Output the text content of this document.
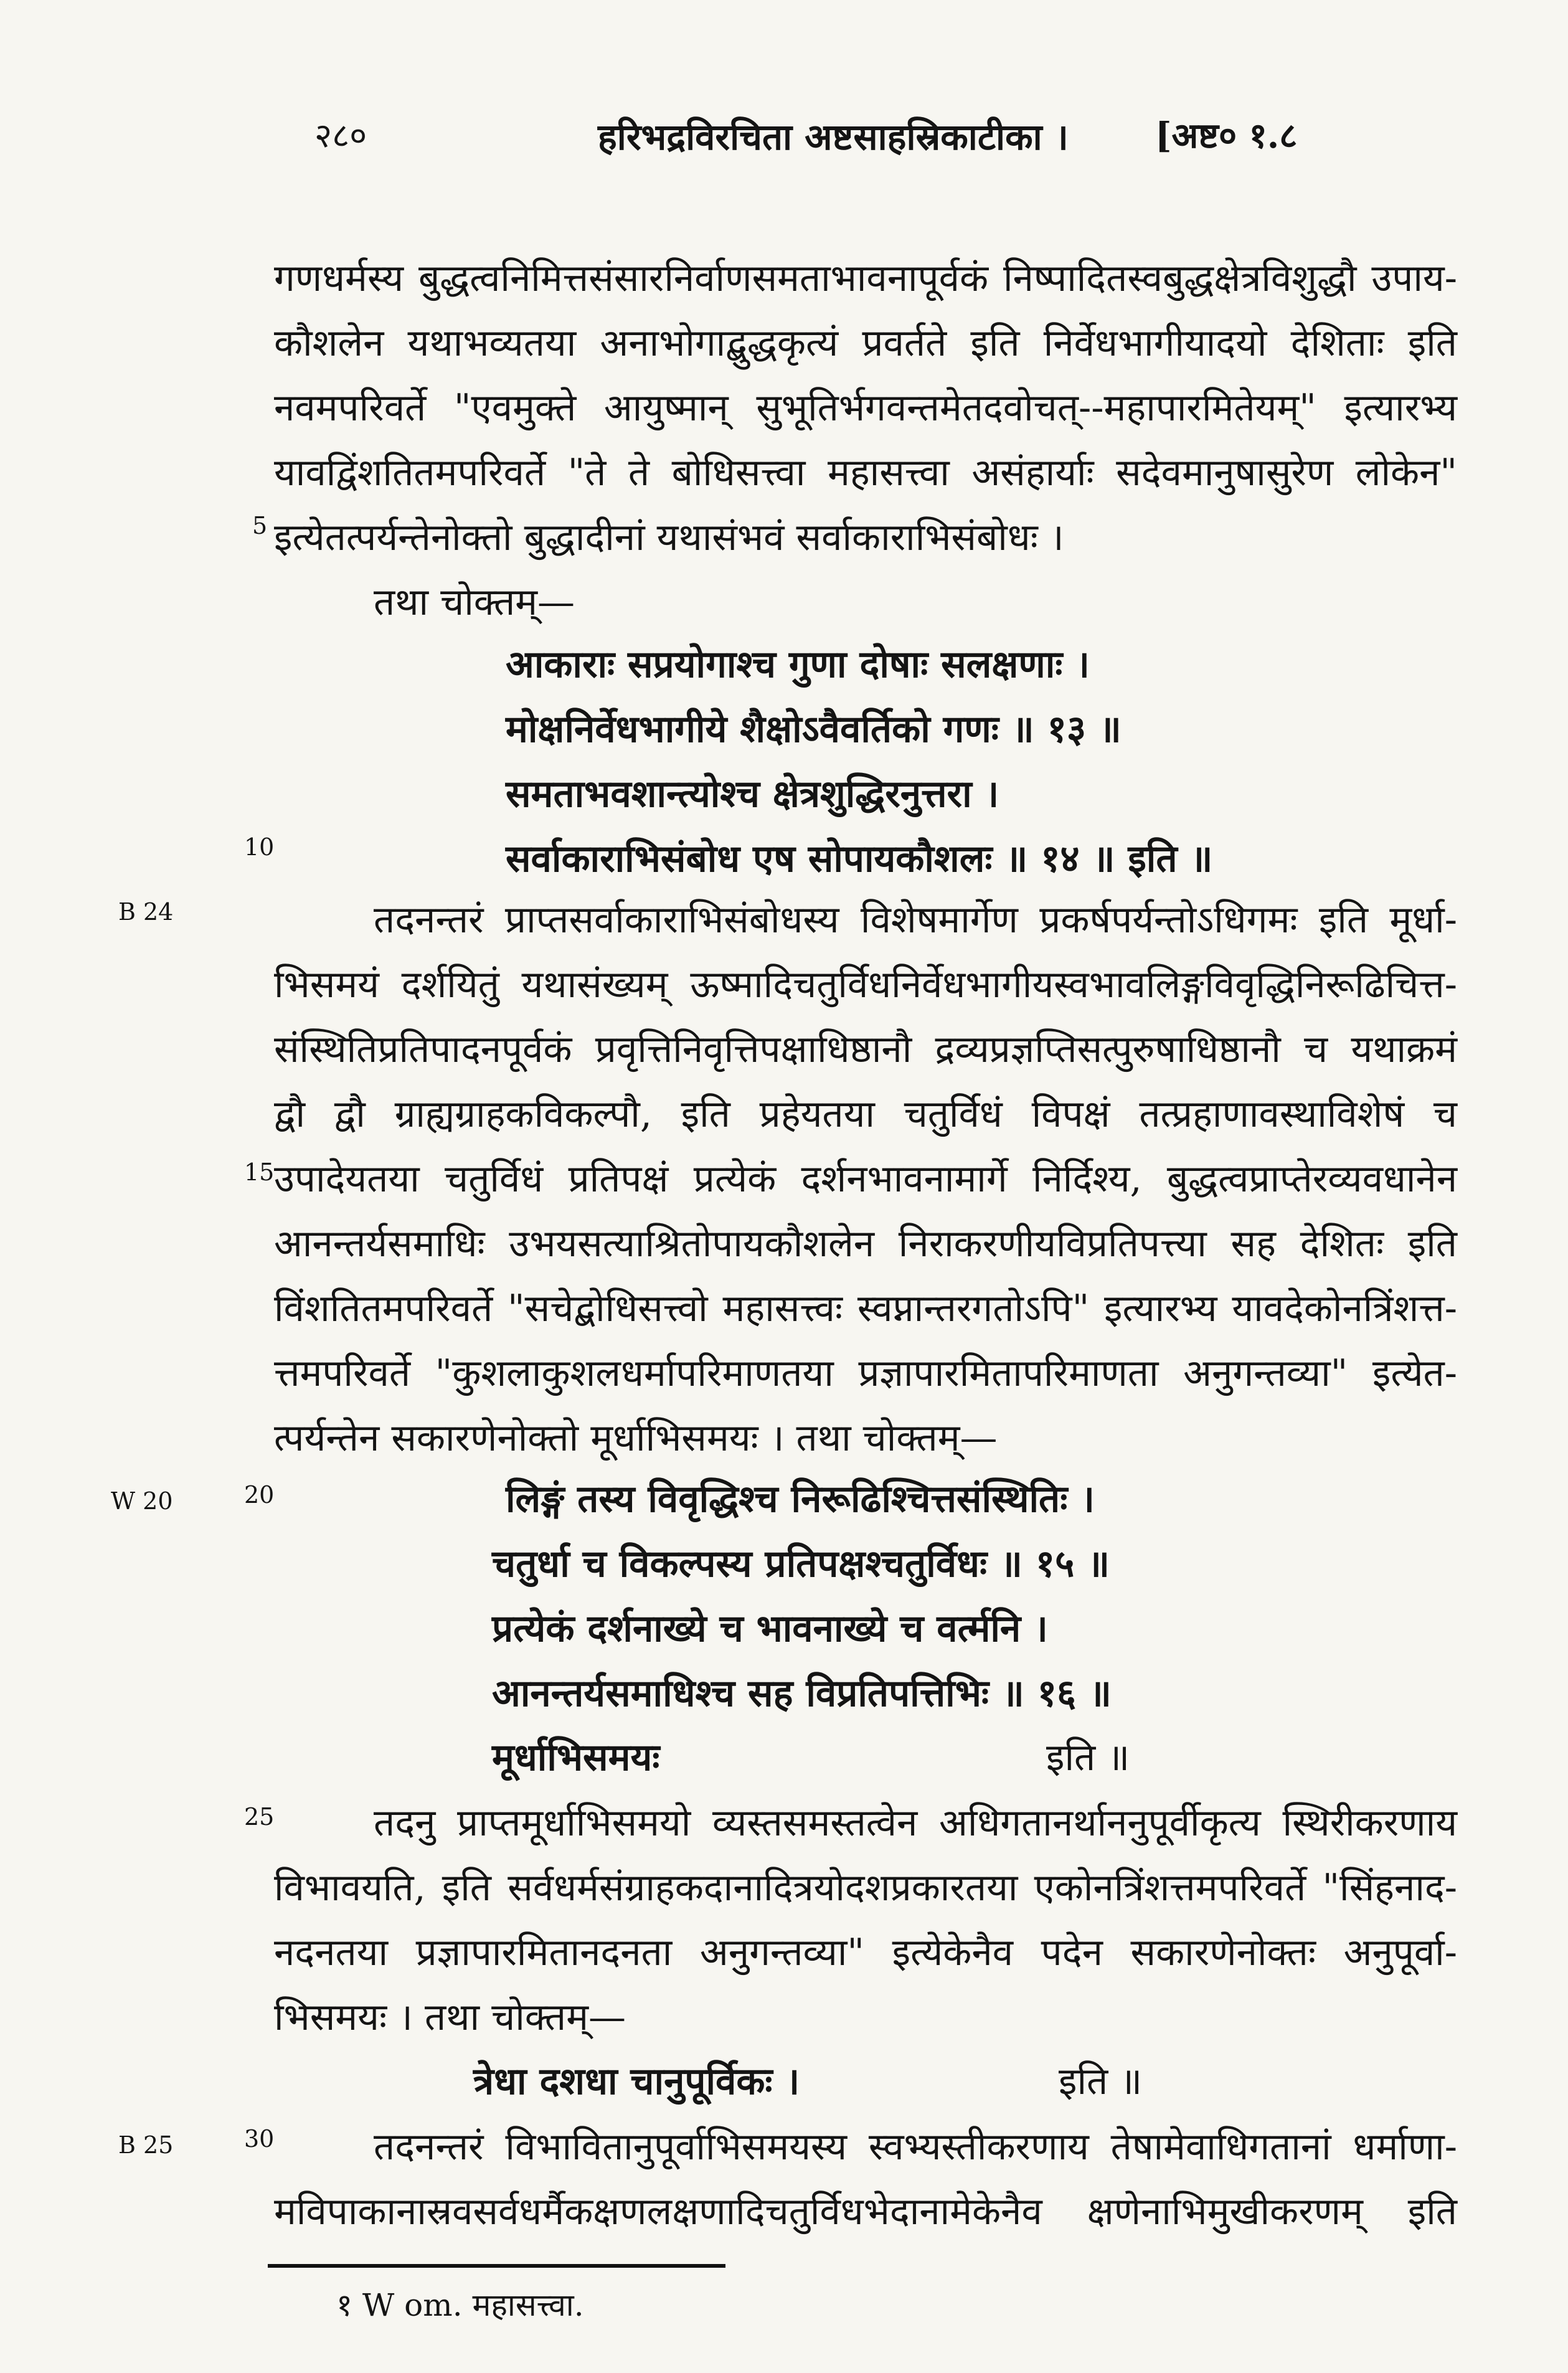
२८०	हरिभद्रविरचिता अष्टसाहस्रिकाटीका । [अष्ट० १.८
गणधर्मस्य बुद्धत्वनिमित्तसंसारनिर्वाणसमताभावनापूर्वकं निष्पादितस्वबुद्धक्षेत्रविशुद्धौ उपाय-
कौशलेन यथाभव्यतया अनाभोगाद्बुद्धकृत्यं प्रवर्तते इति निर्वेधभागीयादयो देशिताः इति
नवमपरिवर्ते "एवमुक्ते आयुष्मान् सुभूतिर्भगवन्तमेतदवोचत्--महापारमितेयम्" इत्यारभ्य
यावद्विंशतितमपरिवर्ते "ते ते बोधिसत्त्वा महासत्त्वा असंहार्याः सदेवमानुषासुरेण लोकेन"
इत्येतत्पर्यन्तेनोक्तो बुद्धादीनां यथासंभवं सर्वाकाराभिसंबोधः ।
तथा चोक्तम्—
आकाराः सप्रयोगाश्च गुणा दोषाः सलक्षणाः ।
मोक्षनिर्वेधभागीये शैक्षोऽवैवर्तिको गणः ॥ १३ ॥
समताभवशान्त्योश्च क्षेत्रशुद्धिरनुत्तरा ।
सर्वाकाराभिसंबोध एष सोपायकौशलः ॥ १४ ॥ इति ॥
तदनन्तरं प्राप्तसर्वाकाराभिसंबोधस्य विशेषमार्गेण प्रकर्षपर्यन्तोऽधिगमः इति मूर्धा-
भिसमयं दर्शयितुं यथासंख्यम् ऊष्मादिचतुर्विधनिर्वेधभागीयस्वभावलिङ्गविवृद्धिनिरूढिचित्त-
संस्थितिप्रतिपादनपूर्वकं प्रवृत्तिनिवृत्तिपक्षाधिष्ठानौ द्रव्यप्रज्ञप्तिसत्पुरुषाधिष्ठानौ च यथाक्रमं
द्वौ द्वौ ग्राह्यग्राहकविकल्पौ, इति प्रहेयतया चतुर्विधं विपक्षं तत्प्रहाणावस्थाविशेषं च
उपादेयतया चतुर्विधं प्रतिपक्षं प्रत्येकं दर्शनभावनामार्गे निर्दिश्य, बुद्धत्वप्राप्तेरव्यवधानेन
आनन्तर्यसमाधिः उभयसत्याश्रितोपायकौशलेन निराकरणीयविप्रतिपत्त्या सह देशितः इति
विंशतितमपरिवर्ते "सचेद्बोधिसत्त्वो महासत्त्वः स्वप्नान्तरगतोऽपि" इत्यारभ्य यावदेकोनत्रिंशत्त-
त्तमपरिवर्ते "कुशलाकुशलधर्मापरिमाणतया प्रज्ञापारमितापरिमाणता अनुगन्तव्या" इत्येत-
त्पर्यन्तेन सकारणेनोक्तो मूर्धाभिसमयः । तथा चोक्तम्—
लिङ्गं तस्य विवृद्धिश्च निरूढिश्चित्तसंस्थितिः ।
चतुर्धा च विकल्पस्य प्रतिपक्षश्चतुर्विधः ॥ १५ ॥
प्रत्येकं दर्शनाख्ये च भावनाख्ये च वर्त्मनि ।
आनन्तर्यसमाधिश्च सह विप्रतिपत्तिभिः ॥ १६ ॥
मूर्धाभिसमयः	इति ॥
तदनु प्राप्तमूर्धाभिसमयो व्यस्तसमस्तत्वेन अधिगतानर्थाननुपूर्वीकृत्य स्थिरीकरणाय
विभावयति, इति सर्वधर्मसंग्राहकदानादित्रयोदशप्रकारतया एकोनत्रिंशत्तमपरिवर्ते "सिंहनाद-
नदनतया प्रज्ञापारमितानदनता अनुगन्तव्या" इत्येकेनैव पदेन सकारणेनोक्तः अनुपूर्वा-
भिसमयः । तथा चोक्तम्—
त्रेधा दशधा चानुपूर्विकः ।	इति ॥
तदनन्तरं विभावितानुपूर्वाभिसमयस्य स्वभ्यस्तीकरणाय तेषामेवाधिगतानां धर्माणा-
मविपाकानास्रवसर्वधर्मैकक्षणलक्षणादिचतुर्विधभेदानामेकेनैव क्षणेनाभिमुखीकरणम् इति
5
10
15
20
25
30
B 24
W 20
B 25
१ W om. महासत्त्वा.
